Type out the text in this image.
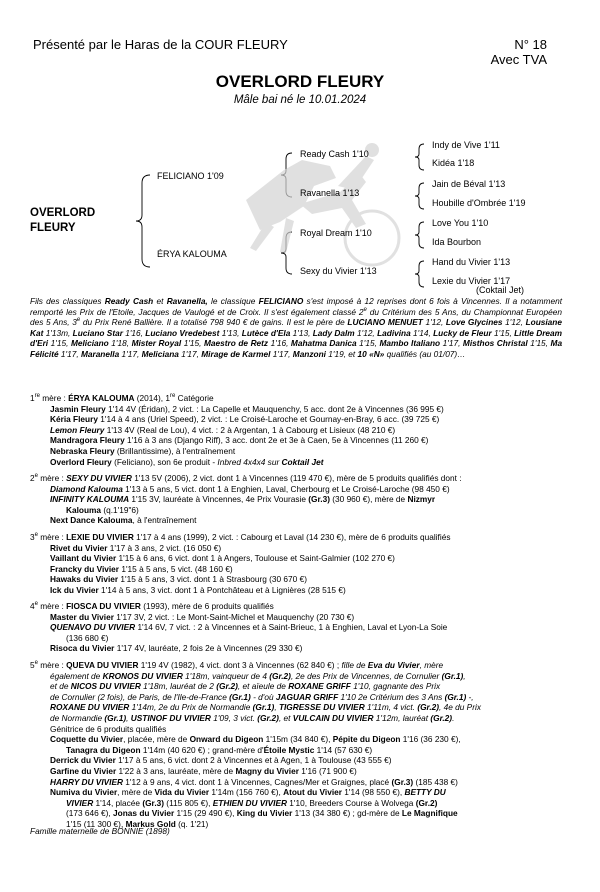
Présenté par le Haras de la COUR FLEURY	N° 18
Avec TVA
OVERLORD FLEURY
Mâle bai né le 10.01.2024
OVERLORD
FLEURY
FELICIANO 1'09
ÉRYA KALOUMA
Ready Cash 1'10
Ravanella 1'13
Royal Dream 1'10
Sexy du Vivier 1'13
Indy de Vive 1'11
Kidéa 1'18
Jain de Béval 1'13
Houbille d'Ombrée 1'19
Love You 1'10
Ida Bourbon
Hand du Vivier 1'13
Lexie du Vivier 1'17
(Coktail Jet)

Fils des classiques Ready Cash et Ravanella, le classique FELICIANO s'est imposé à 12 reprises dont 6 fois à Vincennes. Il a notamment remporté les Prix de l'Etoile, Jacques de Vaulogé et de Croix. Il s'est également classé 2e du Critérium des 5 Ans, du Championnat Européen des 5 Ans, 3e du Prix René Ballière. Il a totalisé 798 940 € de gains. Il est le père de LUCIANO MENUET 1'12, Love Glycines 1'12, Lousiane Kat 1'13m, Luciano Star 1'16, Luciano Vredebest 1'13, Lutèce d'Ela 1'13, Lady Dalm 1'12, Ladivina 1'14, Lucky de Fleur 1'15, Little Dream d'Eri 1'15, Meliciano 1'18, Mister Royal 1'15, Maestro de Retz 1'16, Mahatma Danica 1'15, Mambo Italiano 1'17, Misthos Christal 1'15, Ma Félicité 1'17, Maranella 1'17, Meliciana 1'17, Mirage de Karmel 1'17, Manzoni 1'19, et 10 «N» qualifiés (au 01/07)…

1re mère : ÉRYA KALOUMA (2014), 1re Catégorie

Jasmin Fleury 1'14 4V (Éridan), 2 vict. : La Capelle et Mauquenchy, 5 acc. dont 2e à Vincennes (36 995 €)

Kéria Fleury 1'14 à 4 ans (Uriel Speed), 2 vict. : Le Croisé-Laroche et Gournay-en-Bray, 6 acc. (39 725 €)

Lemon Fleury 1'13 4V (Real de Lou), 4 vict. : 2 à Argentan, 1 à Cabourg et Lisieux (48 210 €)

Mandragora Fleury 1'16 à 3 ans (Django Riff), 3 acc. dont 2e et 3e à Caen, 5e à Vincennes (11 260 €)

Nebraska Fleury (Brillantissime), à l'entraînement

Overlord Fleury (Feliciano), son 6e produit - Inbred 4x4x4 sur Coktail Jet

2e mère : SEXY DU VIVIER 1'13 5V (2006), 2 vict. dont 1 à Vincennes (119 470 €), mère de 5 produits qualifiés dont :

Diamond Kalouma 1'13 à 5 ans, 5 vict. dont 1 à Enghien, Laval, Cherbourg et Le Croisé-Laroche (98 450 €)

INFINITY KALOUMA 1'15 3V, lauréate à Vincennes, 4e Prix Vourasie (Gr.3) (30 960 €), mère de Nizmyr

Kalouma (q.1'19"6)

Next Dance Kalouma, à l'entraînement

3e mère : LEXIE DU VIVIER 1'17 à 4 ans (1999), 2 vict. : Cabourg et Laval (14 230 €), mère de 6 produits qualifiés

Rivet du Vivier 1'17 à 3 ans, 2 vict. (16 050 €)

Vaillant du Vivier 1'15 à 6 ans, 6 vict. dont 1 à Angers, Toulouse et Saint-Galmier (102 270 €)

Francky du Vivier 1'15 à 5 ans, 5 vict. (48 160 €)

Hawaks du Vivier 1'15 à 5 ans, 3 vict. dont 1 à Strasbourg (30 670 €)

Ick du Vivier 1'14 à 5 ans, 3 vict. dont 1 à Pontchâteau et à Lignières (28 515 €)

4e mère : FIOSCA DU VIVIER (1993), mère de 6 produits qualifiés

Master du Vivier 1'17 3V, 2 vict. : Le Mont-Saint-Michel et Mauquenchy (20 730 €)

QUENAVO DU VIVIER 1'14 6V, 7 vict. : 2 à Vincennes et à Saint-Brieuc, 1 à Enghien, Laval et Lyon-La Soie

(136 680 €)

Risoca du Vivier 1'17 4V, lauréate, 2 fois 2e à Vincennes (29 330 €)

5e mère : QUEVA DU VIVIER 1'19 4V (1982), 4 vict. dont 3 à Vincennes (62 840 €) ; fille de Eva du Vivier, mère

également de KRONOS DU VIVIER 1'18m, vainqueur de 4 (Gr.2), 2e des Prix de Vincennes, de Cornulier (Gr.1),

et de NICOS DU VIVIER 1'18m, lauréat de 2 (Gr.2), et aïeule de ROXANE GRIFF 1'10, gagnante des Prix

de Cornulier (2 fois), de Paris, de l'Ile-de-France (Gr.1) - d'où JAGUAR GRIFF 1'10 2e Critérium des 3 Ans (Gr.1) -,

ROXANE DU VIVIER 1'14m, 2e du Prix de Normandie (Gr.1), TIGRESSE DU VIVIER 1'11m, 4 vict. (Gr.2), 4e du Prix

de Normandie (Gr.1), USTINOF DU VIVIER 1'09, 3 vict. (Gr.2), et VULCAIN DU VIVIER 1'12m, lauréat (Gr.2).

Génitrice de 6 produits qualifiés

Coquette du Vivier, placée, mère de Onward du Digeon 1'15m (34 840 €), Pépite du Digeon 1'16 (36 230 €),

Tanagra du Digeon 1'14m (40 620 €) ; grand-mère d'Étoile Mystic 1'14 (57 630 €)

Derrick du Vivier 1'17 à 5 ans, 6 vict. dont 2 à Vincennes et à Agen, 1 à Toulouse (43 555 €)

Garfine du Vivier 1'22 à 3 ans, lauréate, mère de Magny du Vivier 1'16 (71 900 €)

HARRY DU VIVIER 1'12 à 9 ans, 4 vict. dont 1 à Vincennes, Cagnes/Mer et Graignes, placé (Gr.3) (185 438 €)

Numiva du Vivier, mère de Vida du Vivier 1'14m (156 760 €), Atout du Vivier 1'14 (98 550 €), BETTY DU

VIVIER 1'14, placée (Gr.3) (115 805 €), ETHIEN DU VIVIER 1'10, Breeders Course à Wolvega (Gr.2)

(173 646 €), Jonas du Vivier 1'15 (29 490 €), King du Vivier 1'13 (34 380 €) ; gd-mère de Le Magnifique

1'15 (11 300 €), Markus Gold (q. 1'21)

Famille maternelle de BONNIE (1898)
